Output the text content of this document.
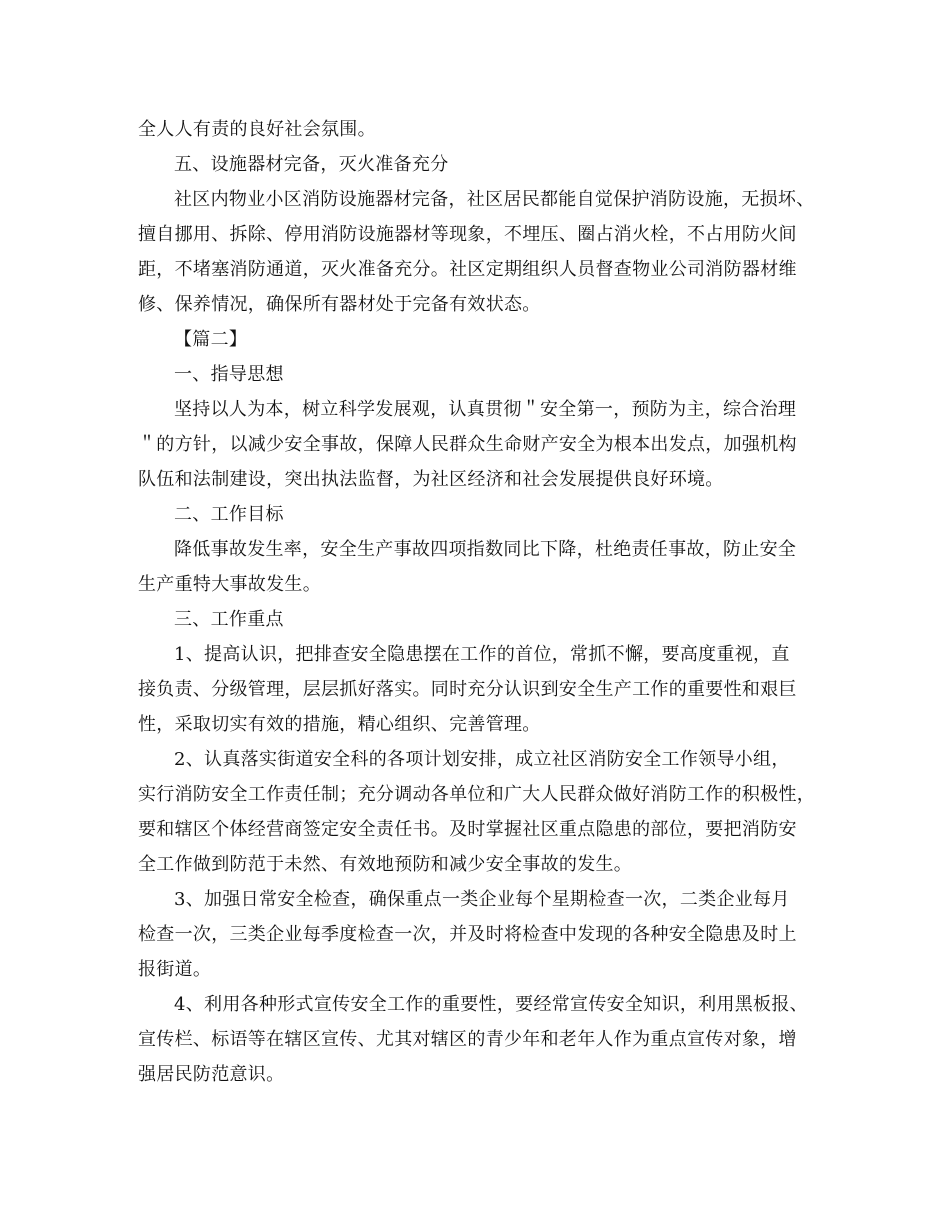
全人人有责的良好社会氛围。
五、设施器材完备，灭火准备充分
社区内物业小区消防设施器材完备，社区居民都能自觉保护消防设施，无损坏、
擅自挪用、拆除、停用消防设施器材等现象，不埋压、圈占消火栓，不占用防火间
距，不堵塞消防通道，灭火准备充分。社区定期组织人员督查物业公司消防器材维
修、保养情况，确保所有器材处于完备有效状态。
【篇二】
一、指导思想
坚持以人为本，树立科学发展观，认真贯彻＂安全第一，预防为主，综合治理
＂的方针，以减少安全事故，保障人民群众生命财产安全为根本出发点，加强机构
队伍和法制建设，突出执法监督，为社区经济和社会发展提供良好环境。
二、工作目标
降低事故发生率，安全生产事故四项指数同比下降，杜绝责任事故，防止安全
生产重特大事故发生。
三、工作重点
1、提高认识，把排查安全隐患摆在工作的首位，常抓不懈，要高度重视，直
接负责、分级管理，层层抓好落实。同时充分认识到安全生产工作的重要性和艰巨
性，采取切实有效的措施，精心组织、完善管理。
2、认真落实街道安全科的各项计划安排，成立社区消防安全工作领导小组，
实行消防安全工作责任制；充分调动各单位和广大人民群众做好消防工作的积极性，
要和辖区个体经营商签定安全责任书。及时掌握社区重点隐患的部位，要把消防安
全工作做到防范于未然、有效地预防和减少安全事故的发生。
3、加强日常安全检查，确保重点一类企业每个星期检查一次，二类企业每月
检查一次，三类企业每季度检查一次，并及时将检查中发现的各种安全隐患及时上
报街道。
4、利用各种形式宣传安全工作的重要性，要经常宣传安全知识，利用黑板报、
宣传栏、标语等在辖区宣传、尤其对辖区的青少年和老年人作为重点宣传对象，增
强居民防范意识。
